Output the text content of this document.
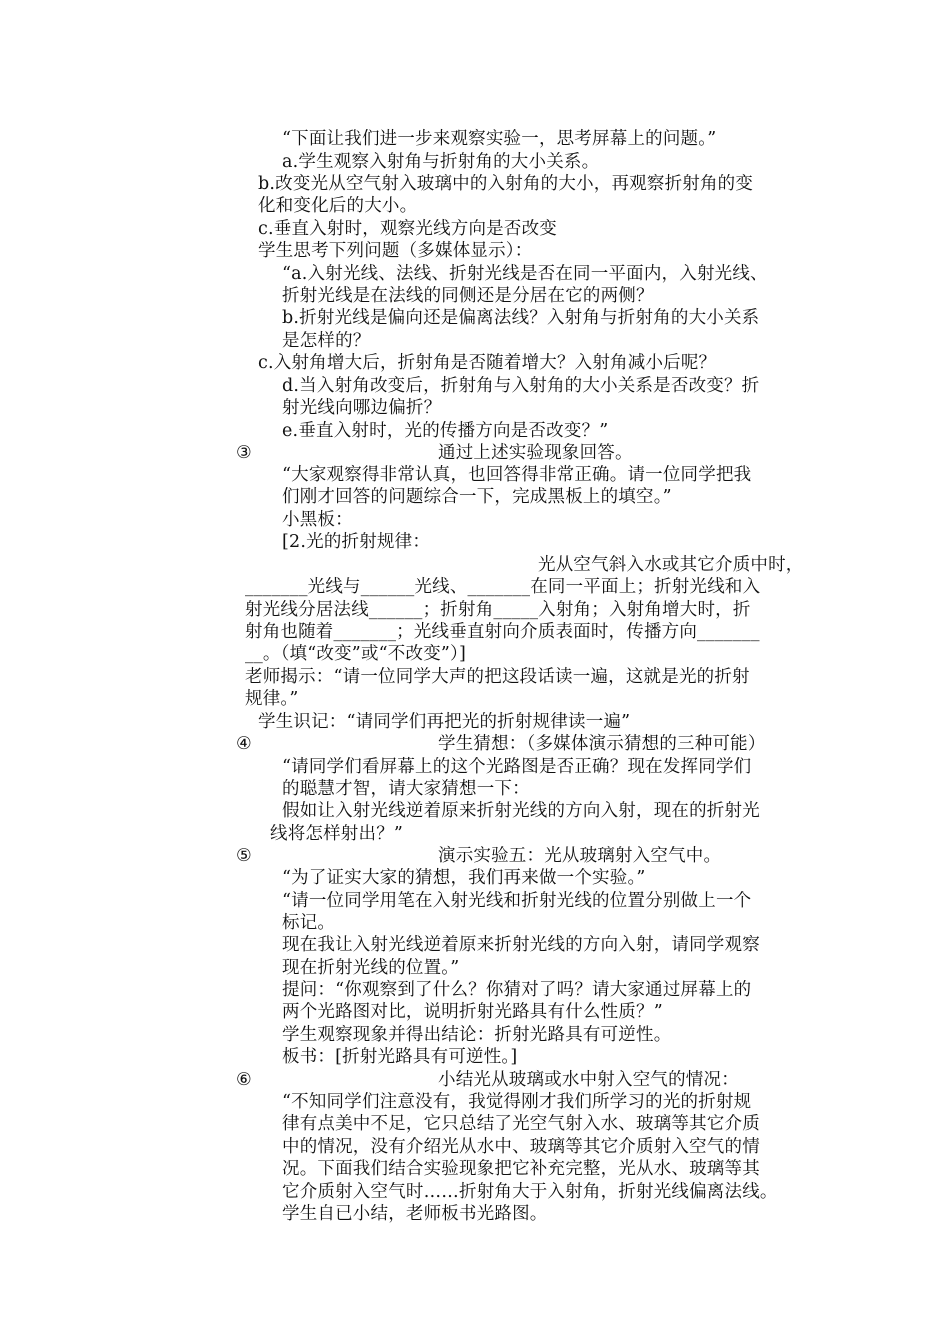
“下面让我们进一步来观察实验一，思考屏幕上的问题。”
a.学生观察入射角与折射角的大小关系。
b.改变光从空气射入玻璃中的入射角的大小，再观察折射角的变
化和变化后的大小。
c.垂直入射时，观察光线方向是否改变
学生思考下列问题（多媒体显示）：
“a.入射光线、法线、折射光线是否在同一平面内，入射光线、
折射光线是在法线的同侧还是分居在它的两侧？
b.折射光线是偏向还是偏离法线？入射角与折射角的大小关系
是怎样的？
c.入射角增大后，折射角是否随着增大？入射角减小后呢？
d.当入射角改变后，折射角与入射角的大小关系是否改变？折
射光线向哪边偏折？
e.垂直入射时，光的传播方向是否改变？”
③	通过上述实验现象回答。
“大家观察得非常认真，也回答得非常正确。请一位同学把我
们刚才回答的问题综合一下，完成黑板上的填空。”
小黑板：
[2.光的折射规律：
光从空气斜入水或其它介质中时，
_______光线与______光线、_______在同一平面上；折射光线和入
射光线分居法线______；折射角_____入射角；入射角增大时，折
射角也随着_______；光线垂直射向介质表面时，传播方向_______
__。（填“改变”或“不改变”）]
老师揭示：“请一位同学大声的把这段话读一遍，这就是光的折射
规律。”
学生识记：“请同学们再把光的折射规律读一遍”
④	学生猜想：（多媒体演示猜想的三种可能）
“请同学们看屏幕上的这个光路图是否正确？现在发挥同学们
的聪慧才智，请大家猜想一下：
假如让入射光线逆着原来折射光线的方向入射，现在的折射光
线将怎样射出？”
⑤	演示实验五：光从玻璃射入空气中。
“为了证实大家的猜想，我们再来做一个实验。”
“请一位同学用笔在入射光线和折射光线的位置分别做上一个
标记。
现在我让入射光线逆着原来折射光线的方向入射，请同学观察
现在折射光线的位置。”
提问：“你观察到了什么？你猜对了吗？请大家通过屏幕上的
两个光路图对比，说明折射光路具有什么性质？”
学生观察现象并得出结论：折射光路具有可逆性。
板书：[折射光路具有可逆性。]
⑥	小结光从玻璃或水中射入空气的情况：
“不知同学们注意没有，我觉得刚才我们所学习的光的折射规
律有点美中不足，它只总结了光空气射入水、玻璃等其它介质
中的情况，没有介绍光从水中、玻璃等其它介质射入空气的情
况。下面我们结合实验现象把它补充完整，光从水、玻璃等其
它介质射入空气时……折射角大于入射角，折射光线偏离法线。
学生自已小结，老师板书光路图。
